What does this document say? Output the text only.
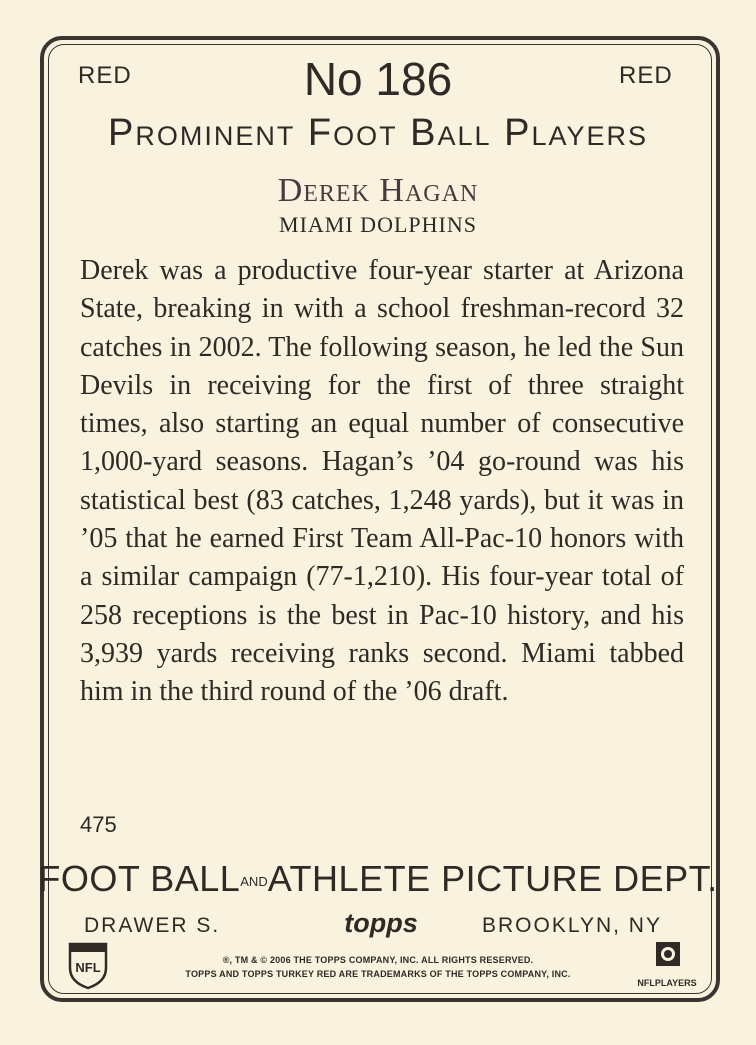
RED	RED
No 186
Prominent Foot Ball Players
Derek Hagan
MIAMI DOLPHINS

Derek was a productive four-year starter at Arizona State, breaking in with a school freshman-record 32 catches in 2002. The following season, he led the Sun Devils in receiving for the first of three straight times, also starting an equal number of consecutive 1,000-yard seasons. Hagan’s ’04 go-round was his statistical best (83 catches, 1,248 yards), but it was in ’05 that he earned First Team All-Pac-10 honors with a similar campaign (77-1,210). His four-year total of 258 receptions is the best in Pac-10 history, and his 3,939 yards receiving ranks second. Miami tabbed him in the third round of the ’06 draft.

475
FOOT BALLANDATHLETE PICTURE DEPT.
DRAWER S.	topps	BROOKLYN, NY
NFL	®, TM & © 2006 THE TOPPS COMPANY, INC. ALL RIGHTS RESERVED.
TOPPS AND TOPPS TURKEY RED ARE TRADEMARKS OF THE TOPPS COMPANY, INC.
NFLPLAYERS
